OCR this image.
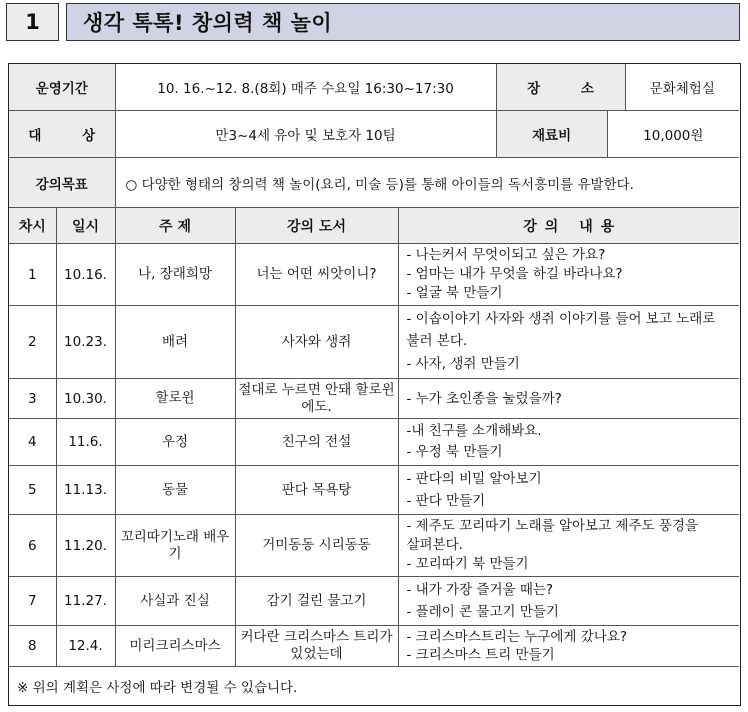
1	생각 톡톡! 창의력 책 놀이
운영기간		10. 16.~12. 8.(8회) 매주 수요일 16:30~17:30			장 소 문화체험실

대 상		만3~4세 유아 및 보호자 10팀			재료비 10,000원

강의목표		○ 다양한 형태의 창의력 책 놀이(요리, 미술 등)를 통해 아이들의 독서흥미를 유발한다.			
차시	일시	주 제	강의 도서	강의 내용	
1	10.16.	나, 장래희망	너는 어떤 씨앗이니?	- 나는커서 무엇이되고 싶은 가요?
- 엄마는 내가 무엇을 하길 바라나요?
- 얼굴 북 만들기	

2	10.23.	배려	사자와 생쥐	- 이솝이야기 사자와 생쥐 이야기를 들어 보고 노래로 불러 본다.
- 사자, 생쥐 만들기	

3	10.30.	할로윈	절대로 누르면 안돼 할로윈에도.	- 누가 초인종을 눌렀을까?	

4	11.6.	우정	친구의 전설	-내 친구를 소개해봐요.
- 우정 북 만들기	

5	11.13.	동물	판다 목욕탕	- 판다의 비밀 알아보기
- 판다 만들기	

6	11.20.	꼬리따기노래 배우기	거미동동 시리동동	- 제주도 꼬리따기 노래를 알아보고 제주도 풍경을 살펴본다.
- 꼬리따기 북 만들기	

7	11.27.	사실과 진실	감기 걸린 물고기	- 내가 가장 즐거울 때는?
- 플레이 콘 물고기 만들기	

8	12.4.	미리크리스마스	커다란 크리스마스 트리가 있었는데	- 크리스마스트리는 누구에게 갔나요?
- 크리스마스 트리 만들기	

※ 위의 계획은 사정에 따라 변경될 수 있습니다.					
